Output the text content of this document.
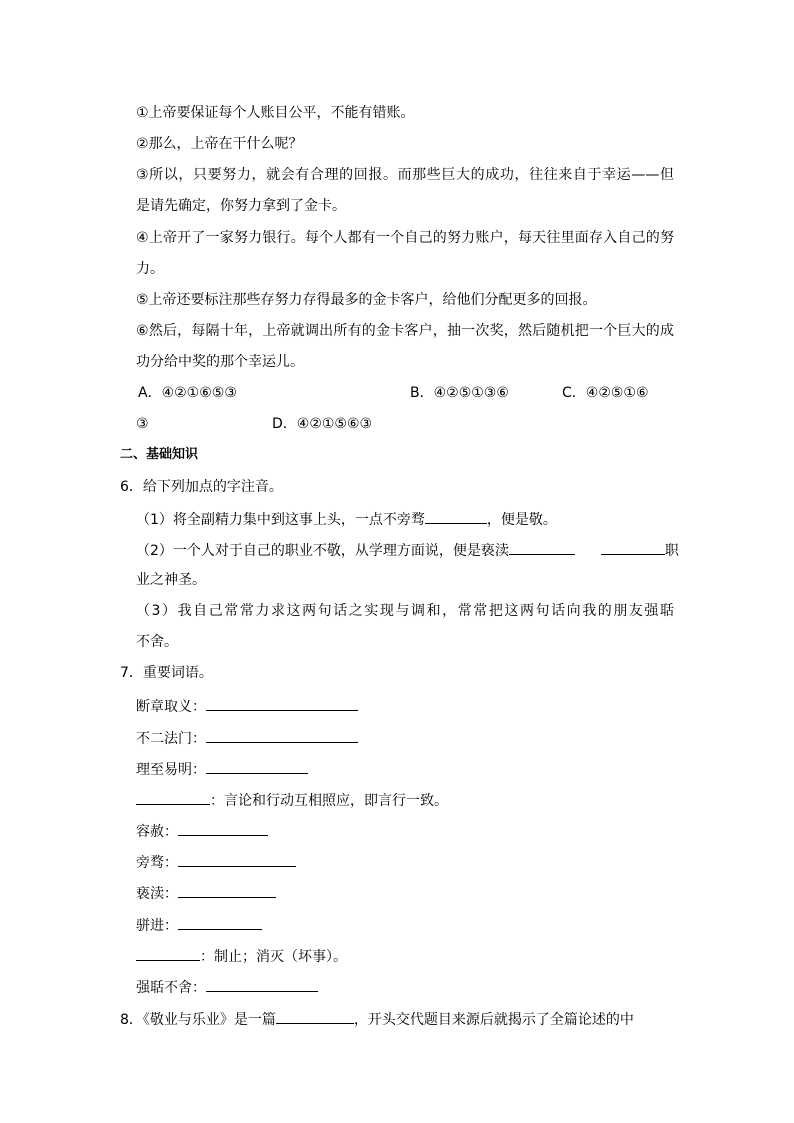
①上帝要保证每个人账目公平，不能有错账。
②那么，上帝在干什么呢？
③所以，只要努力，就会有合理的回报。而那些巨大的成功，往往来自于幸运——但
是请先确定，你努力拿到了金卡。
④上帝开了一家努力银行。每个人都有一个自己的努力账户，每天往里面存入自己的努
力。
⑤上帝还要标注那些存努力存得最多的金卡客户，给他们分配更多的回报。
⑥然后，每隔十年，上帝就调出所有的金卡客户，抽一次奖，然后随机把一个巨大的成
功分给中奖的那个幸运儿。
A．④②①⑥⑤③	B．④②⑤①③⑥	C．④②⑤①⑥
③	D．④②①⑤⑥③
二、基础知识
6．给下列加点的字注音。
（1）将全副精力集中到这事上头，一点不旁骛	，便是敬。
（2）一个人对于自己的职业不敬，从学理方面说，便是亵渎	职
业之神圣。
（3）我自己常常力求这两句话之实现与调和，常常把这两句话向我的朋友强聒
不舍。
7．重要词语。
断章取义：
不二法门：
理至易明：
：言论和行动互相照应，即言行一致。
容赦：
旁骛：
亵渎：
骈进：
：制止；消灭（坏事）。
强聒不舍：
8．《敬业与乐业》是一篇	，开头交代题目来源后就揭示了全篇论述的中
